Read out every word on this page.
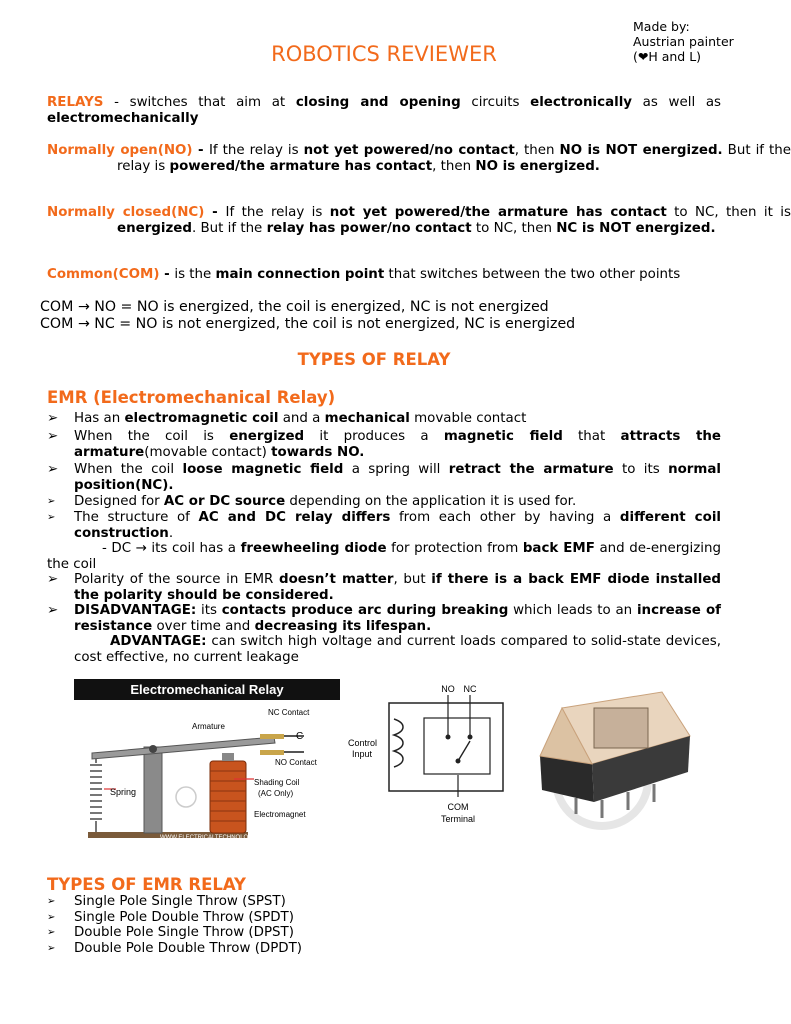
Made by:
Austrian painter
(❤H and L)
ROBOTICS REVIEWER
RELAYS - switches that aim at closing and opening circuits electronically as well as electromechanically
Normally open(NO) - If the relay is not yet powered/no contact, then NO is NOT energized. But if the relay is powered/the armature has contact, then NO is energized.
Normally closed(NC) - If the relay is not yet powered/the armature has contact to NC, then it is energized. But if the relay has power/no contact to NC, then NC is NOT energized.
Common(COM) - is the main connection point that switches between the two other points
COM → NO = NO is energized, the coil is energized, NC is not energized
COM → NC = NO is not energized, the coil is not energized, NC is energized
TYPES OF RELAY
EMR (Electromechanical Relay)
➢	Has an electromagnetic coil and a mechanical movable contact
➢	When the coil is energized it produces a magnetic field that attracts the armature(movable contact) towards NO.
➢	When the coil loose magnetic field a spring will retract the armature to its normal position(NC).
➢	Designed for AC or DC source depending on the application it is used for.
➢	The structure of AC and DC relay differs from each other by having a different coil construction.
- DC → its coil has a freewheeling diode for protection from back EMF and de-energizing the coil
➢	Polarity of the source in EMR doesn’t matter, but if there is a back EMF diode installed the polarity should be considered.
➢	DISADVANTAGE: its contacts produce arc during breaking which leads to an increase of resistance over time and decreasing its lifespan.
ADVANTAGE: can switch high voltage and current loads compared to solid-state devices, cost effective, no current leakage
Electromechanical Relay
Spring
NC Contact
Armature
C
NO Contact
Shading Coil
(AC Only)
Electromagnet
WWW.ELECTRICALTECHNOLOGY.ORG
NO NC
Control
Input
COM
Terminal
TYPES OF EMR RELAY
➢ Single Pole Single Throw (SPST)
➢ Single Pole Double Throw (SPDT)
➢ Double Pole Single Throw (DPST)
➢ Double Pole Double Throw (DPDT)
